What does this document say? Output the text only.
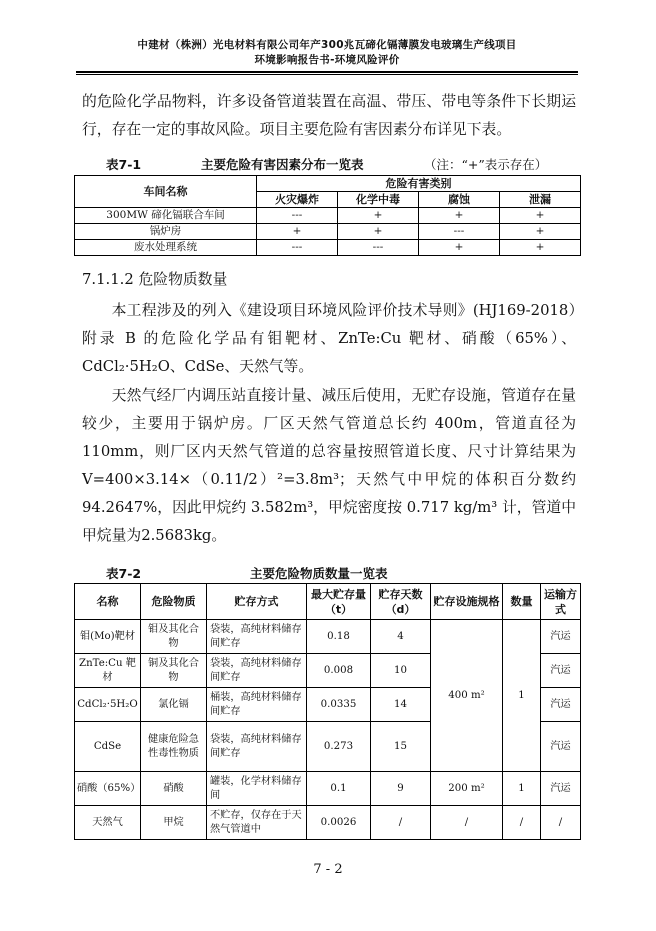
中建材（株洲）光电材料有限公司年产300兆瓦碲化镉薄膜发电玻璃生产线项目
环境影响报告书-环境风险评价
的危险化学品物料，许多设备管道装置在高温、带压、带电等条件下长期运行，存在一定的事故风险。项目主要危险有害因素分布详见下表。
表7-1	主要危险有害因素分布一览表	（注：“+”表示存在）
车间名称	危险有害类别			
	火灾爆炸	化学中毒	腐蚀	泄漏
300MW 碲化镉联合车间	---	+	+	+
锅炉房	+	+	---	+
废水处理系统	---	---	+	+
7.1.1.2 危险物质数量
本工程涉及的列入《建设项目环境风险评价技术导则》(HJ169-2018）附录 B 的危险化学品有钼靶材、ZnTe:Cu 靶材、硝酸（65%）、CdCl₂·5H₂O、CdSe、天然气等。
天然气经厂内调压站直接计量、减压后使用，无贮存设施，管道存在量较少，主要用于锅炉房。厂区天然气管道总长约 400m，管道直径为110mm，则厂区内天然气管道的总容量按照管道长度、尺寸计算结果为V=400×3.14×（0.11/2）²=3.8m³；天然气中甲烷的体积百分数约 94.2647%，因此甲烷约 3.582m³，甲烷密度按 0.717 kg/m³ 计，管道中甲烷量为2.5683kg。
表7-2	主要危险物质数量一览表
名称	危险物质	贮存方式	最大贮存量（t）	贮存天数（d）	贮存设施规格	数量	运输方式
钼(Mo)靶材	钼及其化合物	袋装，高纯材料储存间贮存	0.18	4	400 m²	1	汽运
ZnTe:Cu 靶材	铜及其化合物	袋装，高纯材料储存间贮存	0.008	10			汽运
CdCl₂·5H₂O	氯化镉	桶装，高纯材料储存间贮存	0.0335	14			汽运
CdSe	健康危险急性毒性物质	袋装，高纯材料储存间贮存	0.273	15			汽运
硝酸（65%）	硝酸	罐装，化学材料储存间	0.1	9	200 m²	1	汽运
天然气	甲烷	不贮存，仅存在于天然气管道中	0.0026	/	/	/	/
7 - 2
